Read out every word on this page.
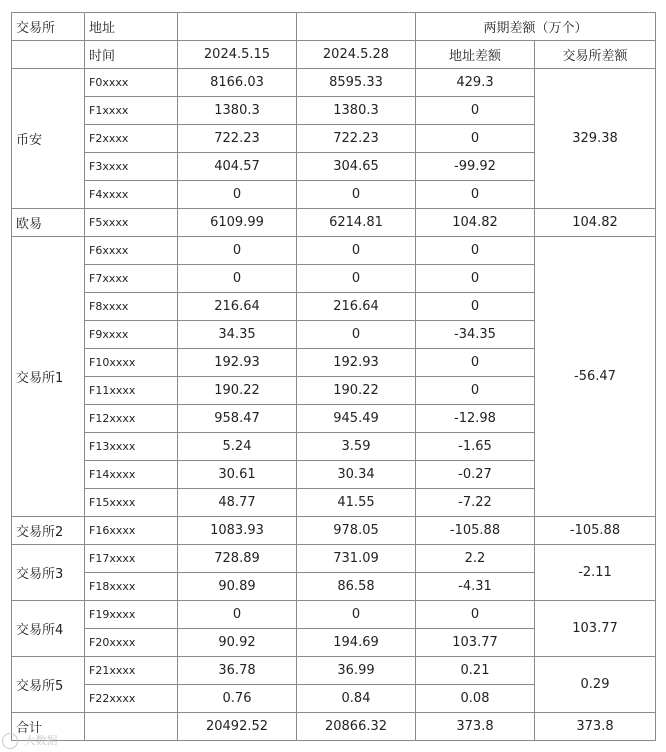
交易所	地址			两期差额（万个）	
	时间	2024.5.15	2024.5.28	地址差额	交易所差额
币安	F0xxxx	8166.03	8595.33	429.3	329.38
	F1xxxx	1380.3	1380.3	0	
	F2xxxx	722.23	722.23	0	
	F3xxxx	404.57	304.65	-99.92	
	F4xxxx	0	0	0	
欧易	F5xxxx	6109.99	6214.81	104.82	104.82
交易所1	F6xxxx	0	0	0	-56.47
	F7xxxx	0	0	0	
	F8xxxx	216.64	216.64	0	
	F9xxxx	34.35	0	-34.35	
	F10xxxx	192.93	192.93	0	
	F11xxxx	190.22	190.22	0	
	F12xxxx	958.47	945.49	-12.98	
	F13xxxx	5.24	3.59	-1.65	
	F14xxxx	30.61	30.34	-0.27	
	F15xxxx	48.77	41.55	-7.22	
交易所2	F16xxxx	1083.93	978.05	-105.88	-105.88
交易所3	F17xxxx	728.89	731.09	2.2	-2.11
	F18xxxx	90.89	86.58	-4.31	
交易所4	F19xxxx	0	0	0	103.77
	F20xxxx	90.92	194.69	103.77	
交易所5	F21xxxx	36.78	36.99	0.21	0.29
	F22xxxx	0.76	0.84	0.08	
合计		20492.52	20866.32	373.8	373.8
大数据
